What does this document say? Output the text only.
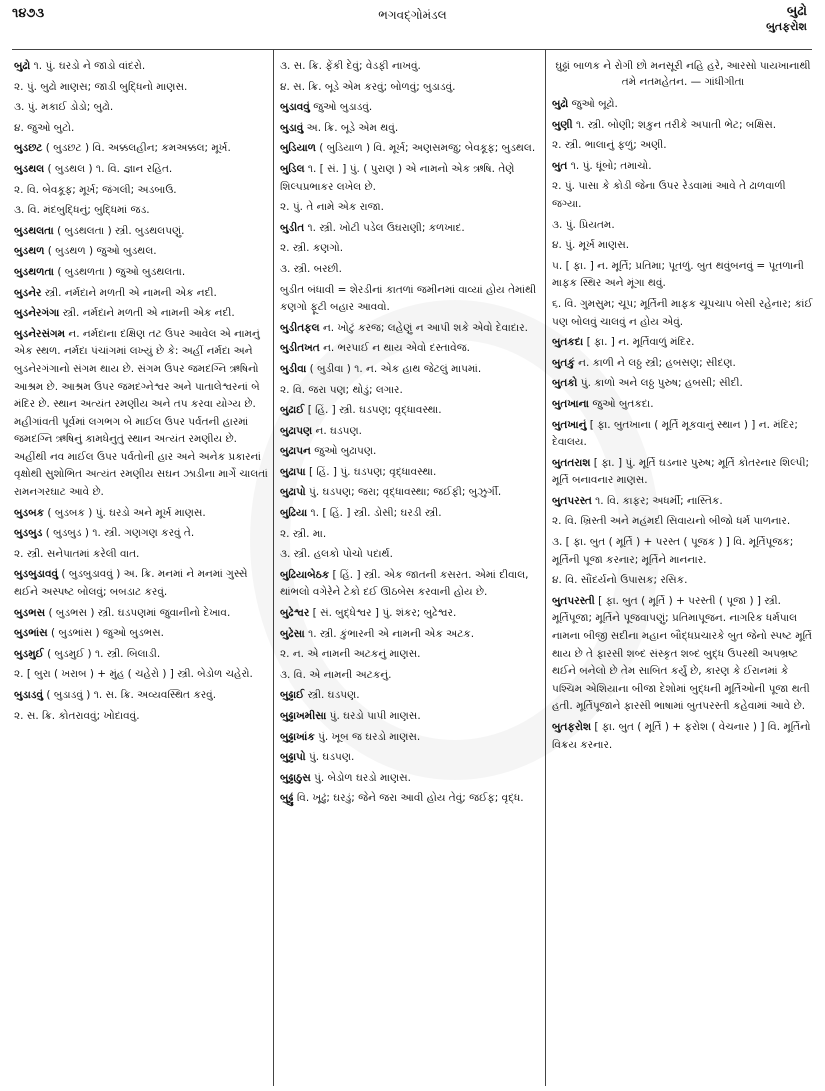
૧૪૭૩	ભગવદ્ગોમંડલ	બુઢો
બુતફરોશ
બુઢો ૧. પું. ઘરડો ને જાડો વાંદરો.
૨. પું. બુઢો માણસ; જાડી બુદ્ધિનો માણસ.
૩. પું. મકાઈ ડોડો; બુઢો.
૪. જુઓ બુટો.
બુડછટ ( બુડછટ ) વિ. અક્કલહીન; કમઅક્કલ; મૂર્ખ.
બુડથલ ( બુડથલ ) ૧. વિ. જ્ઞાન રહિત.
૨. વિ. બેવકૂફ; મૂર્ખ; જંગલી; અડબાઉ.
૩. વિ. મંદબુદ્ધિનું; બુદ્ધિમાં જડ.
બુડથલતા ( બુડથલતા ) સ્ત્રી. બુડથલપણું.
બુડથળ ( બુડથળ ) જુઓ બુડથલ.
બુડથળતા ( બુડથળતા ) જુઓ બુડથલતા.
બુડનેર સ્ત્રી. નર્મદાને મળતી એ નામની એક નદી.
બુડનેરગંગા સ્ત્રી. નર્મદાને મળતી એ નામની એક નદી.
બુડનેરસંગમ ન. નર્મદાના દક્ષિણ તટ ઉપર આવેલ એ નામનું એક સ્થળ. નર્મદા પંચાંગમાં લખ્યું છે કે: અહીં નર્મદા અને બુડનેરગંગાનો સંગમ થાય છે. સંગમ ઉપર જમદગ્નિ ઋષિનો આશ્રમ છે. આશ્રમ ઉપર જમદગ્નેશ્વર અને પાતાલેશ્વરનાં બે મંદિર છે. સ્થાન અત્યંત રમણીય અને તપ કરવા યોગ્ય છે. મહીગાંવતી પૂર્વમાં લગભગ બે માઈલ ઉપર પર્વતની હારમાં જમદગ્નિ ઋષિનું કામધેનુતું સ્થાન અત્યંત રમણીય છે. અહીંથી નવ માઈલ ઉપર પર્વતોની હાર અને અનેક પ્રકારનાં વૃક્ષોથી સુશોભિત અત્યંત રમણીય સઘન ઝાડીના માર્ગે ચાલતાં રામનગરઘાટ આવે છે.
બુડબક ( બુડબક ) પું. ઘરડો અને મૂર્ખ માણસ.
બુડબુડ ( બુડબુડ ) ૧. સ્ત્રી. ગણગણ કરવું તે.
૨. સ્ત્રી. સનેપાતમાં કરેલી વાત.
બુડબુડાવવું ( બુડબુડાવવું ) અ. ક્રિ. મનમાં ને મનમાં ગુસ્સે થઈને અસ્પષ્ટ બોલવું; બબડાટ કરવું.
બુડભસ ( બુડભસ ) સ્ત્રી. ઘડપણમાં જુવાનીનો દેખાવ.
બુડભાંસ ( બુડભાંસ ) જુઓ બુડભસ.
બુડમુઈ ( બુડમુઈ ) ૧. સ્ત્રી. બિલાડી.
૨. [ બુરા ( ખરાબ ) + મુંહ ( ચહેરો ) ] સ્ત્રી. બેડોળ ચહેરો.
બુડાડવું ( બુડાડવું ) ૧. સ. ક્રિ. અવ્યવસ્થિત કરવું.
૨. સ. ક્રિ. કોતરાવવું; ખોદાવવું.
૩. સ. ક્રિ. ફેંકી દેવું; વેડફી નાખવું.
૪. સ. ક્રિ. બૂડે એમ કરવું; બોળવું; બુડાડવું.
બુડાવવું જુઓ બુડાડવું.
બુડાવું અ. ક્રિ. બૂડે એમ થવું.
બુડિયાળ ( બુડિયાળ ) વિ. મૂર્ખ; અણસમજુ; બેવકૂફ; બુડથલ.
બુડિલ ૧. [ સં. ] પું. ( પુરાણ ) એ નામનો એક ઋષિ. તેણે શિલ્પપ્રભાકર લખેલ છે.
૨. પું. તે નામે એક રાજા.
બુડીત ૧. સ્ત્રી. ખોટી પડેલ ઉઘરાણી; કળખાદ.
૨. સ્ત્રી. કણગો.
૩. સ્ત્રી. બરછી.
બુડીત બંધાવી = શેરડીનાં કાતળાં જમીનમાં વાવ્યાં હોય તેમાંથી કણગો ફૂટી બહાર આવવો.
બુડીતફલ ન. ખોટું કરજ; લહેણું ન આપી શકે એવો દેવાદાર.
બુડીતખત ન. ભરપાઈ ન થાય એવો દસ્તાવેજ.
બુડીવા ( બુડીવા ) ૧. ન. એક હાથ જેટલું માપમાં.
૨. વિ. જરા પણ; થોડું; લગાર.
બુઢાઈ [ હિં. ] સ્ત્રી. ઘડપણ; વૃદ્ધાવસ્થા.
બુઢાપણ ન. ઘડપણ.
બુઢાપન જુઓ બુઢાપણ.
બુઢાપા [ હિં. ] પું. ઘડપણ; વૃદ્ધાવસ્થા.
બુઢાપો પું. ઘડપણ; જરા; વૃદ્ધાવસ્થા; જઈફી; બુઝુર્ગી.
બુઢિયા ૧. [ હિં. ] સ્ત્રી. ડોસી; ઘરડી સ્ત્રી.
૨. સ્ત્રી. મા.
૩. સ્ત્રી. હલકો પોચો પદાર્થ.
બુઢિયાબેઠક [ હિં. ] સ્ત્રી. એક જાતની કસરત. એમાં દીવાલ, થાંભલો વગેરેને ટેકો દઈ ઊઠબેસ કરવાની હોય છે.
બુઢેશ્વર [ સં. બુદ્ધેશ્વર ] પું. શંકર; બુઢેશ્વર.
બુઢેસા ૧. સ્ત્રી. કુંભારની એ નામની એક અટક.
૨. ન. એ નામની અટકનું માણસ.
૩. વિ. એ નામની અટકનું.
બુઢ્ઢાઈ સ્ત્રી. ઘડપણ.
બુઢ્ઢાખમીસા પું. ઘરડો પાપી માણસ.
બુઢ્ઢાખાંક પું. ખૂબ જ ઘરડો માણસ.
બુઢ્ઢાપો પું. ઘડપણ.
બુઢ્ઢાઠુસ પું. બેડોળ ઘરડો માણસ.
બુઢ્ઢું વિ. ખૂઢું; ઘરડું; જેને જરા આવી હોય તેવું; જઈફ; વૃદ્ધ.
ઘુઢ્ઢાં બાળક ને રોગી છો મનસૂરી નહિ હરે, આરસો પાયખાનાથી તમે નતમહેતન. — ગાંધીગીતા
બુઢો જુઓ બૂઢો.
બુણી ૧. સ્ત્રી. બોણી; શકુન તરીકે અપાતી ભેટ; બક્ષિસ.
૨. સ્ત્રી. ભાલાનું ફળું; અણી.
બુત ૧. પું. ધૂંબો; તમાચો.
૨. પું. પાસા કે કોડી જેના ઉપર રેડવામાં આવે તે ઢાળવાળી જગ્યા.
૩. પું. પ્રિયતમ.
૪. પું. મૂર્ખ માણસ.
૫. [ ફા. ] ન. મૂર્તિ; પ્રતિમા; પૂતળું. બુત થવુંબનવું = પૂતળાની માફક સ્થિર અને મૂંગા થવું.
૬. વિ. ગુમસુમ; ચૂપ; મૂર્તિની માફક ચૂપચાપ બેસી રહેનાર; કાંઈ પણ બોલવું ચાલવું ન હોય એવું.
બુતકદા [ ફા. ] ન. મૂર્તિવાળું મંદિર.
બુતકું ન. કાળી ને લઠ્ઠ સ્ત્રી; હબસણ; સીદણ.
બુતકો પું. કાળો અને લઠ્ઠ પુરુષ; હબસી; સીદી.
બુતખાના જુઓ બુતકદા.
બુતખાનું [ ફા. બુતખાના ( મૂર્તિ મૂકવાનું સ્થાન ) ] ન. મંદિર; દેવાલય.
બુતતરાશ [ ફા. ] પું. મૂર્તિ ઘડનાર પુરુષ; મૂર્તિ કોતરનાર શિલ્પી; મૂર્તિ બનાવનાર માણસ.
બુતપરસ્ત ૧. વિ. કાફર; અધર્મી; નાસ્તિક.
૨. વિ. ખ્રિસ્તી અને મહંમદી સિવાયનો બીજો ધર્મ પાળનાર.
૩. [ ફા. બુત ( મૂર્તિ ) + પરસ્ત ( પૂજક ) ] વિ. મૂર્તિપૂજક; મૂર્તિની પૂજા કરનાર; મૂર્તિને માનનાર.
૪. વિ. સૌંદર્યનો ઉપાસક; રસિક.
બુતપરસ્તી [ ફા. બુત ( મૂર્તિ ) + પરસ્તી ( પૂજા ) ] સ્ત્રી. મૂર્તિપૂજા; મૂર્તિને પૂજવાપણું; પ્રતિમાપૂજન. નાગરિક ધર્મપાલ નામના બીજી સદીના મહાન બૌદ્ધપ્રચારકે બુત જેનો સ્પષ્ટ મૂર્તિ થાય છે તે ફારસી શબ્દ સંસ્કૃત શબ્દ બુદ્ધ ઉપરથી અપભ્રષ્ટ થઈને બનેલો છે તેમ સાબિત કર્યું છે, કારણ કે ઈરાનમાં કે પશ્ચિમ એશિયાના બીજા દેશોમાં બુદ્ધની મૂર્તિઓની પૂજા થતી હતી. મૂર્તિપૂજાને ફારસી ભાષામાં બુતપરસ્તી કહેવામાં આવે છે.
બુતફરોશ [ ફા. બુત ( મૂર્તિ ) + ફરોશ ( વેચનાર ) ] વિ. મૂર્તિનો વિક્રય કરનાર.
